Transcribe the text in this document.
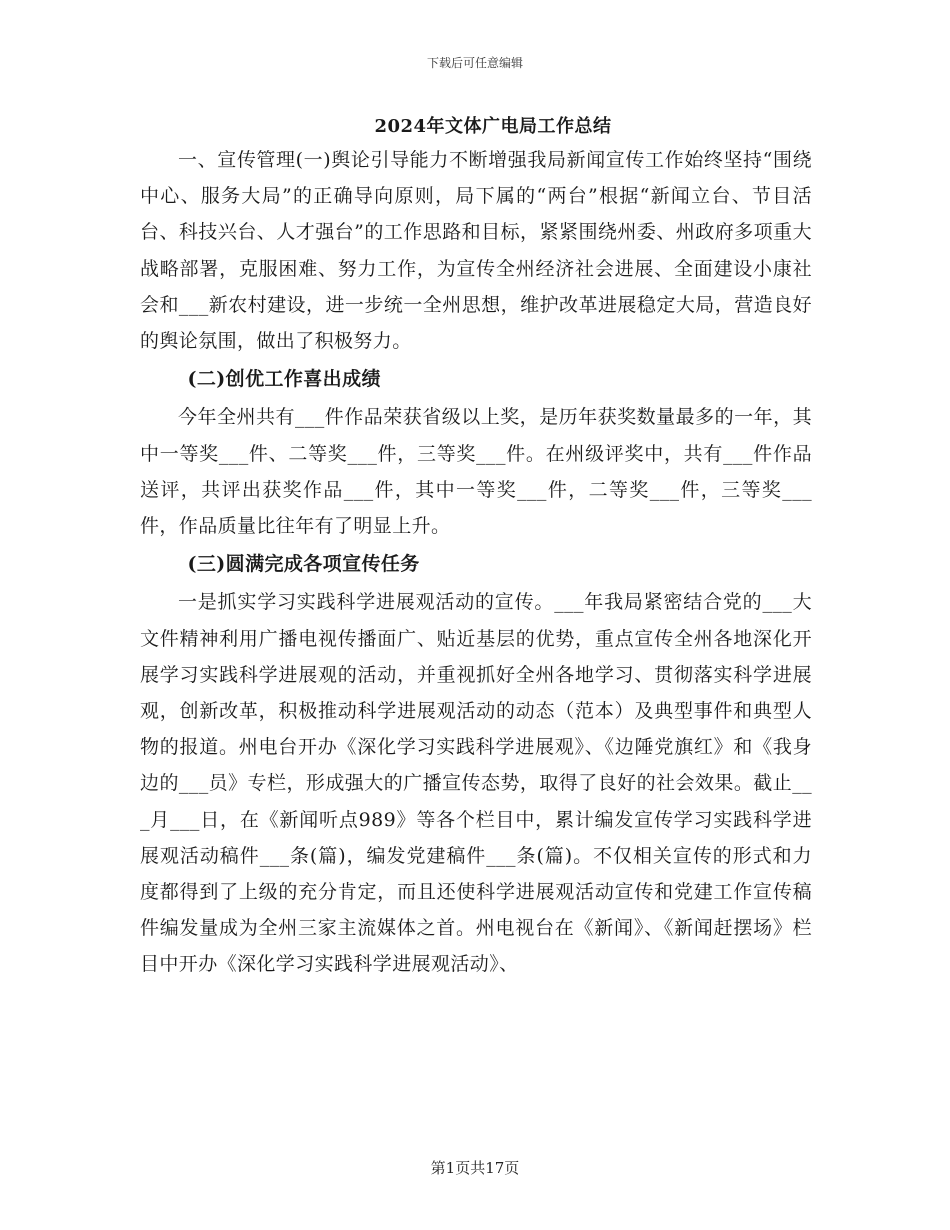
下载后可任意编辑
2024年文体广电局工作总结

一、宣传管理(一)舆论引导能力不断增强我局新闻宣传工作始终坚持“围绕中心、服务大局”的正确导向原则，局下属的“两台”根据“新闻立台、节目活台、科技兴台、人才强台”的工作思路和目标，紧紧围绕州委、州政府多项重大战略部署，克服困难、努力工作，为宣传全州经济社会进展、全面建设小康社会和___新农村建设，进一步统一全州思想，维护改革进展稳定大局，营造良好的舆论氛围，做出了积极努力。

(二)创优工作喜出成绩

今年全州共有___件作品荣获省级以上奖，是历年获奖数量最多的一年，其中一等奖___件、二等奖___件，三等奖___件。在州级评奖中，共有___件作品送评，共评出获奖作品___件，其中一等奖___件，二等奖___件，三等奖___件，作品质量比往年有了明显上升。

(三)圆满完成各项宣传任务

一是抓实学习实践科学进展观活动的宣传。___年我局紧密结合党的___大文件精神利用广播电视传播面广、贴近基层的优势，重点宣传全州各地深化开展学习实践科学进展观的活动，并重视抓好全州各地学习、贯彻落实科学进展观，创新改革，积极推动科学进展观活动的动态（范本）及典型事件和典型人物的报道。州电台开办《深化学习实践科学进展观》、《边陲党旗红》和《我身边的___员》专栏，形成强大的广播宣传态势，取得了良好的社会效果。截止___月___日，在《新闻听点989》等各个栏目中，累计编发宣传学习实践科学进展观活动稿件___条(篇)，编发党建稿件___条(篇)。不仅相关宣传的形式和力度都得到了上级的充分肯定，而且还使科学进展观活动宣传和党建工作宣传稿件编发量成为全州三家主流媒体之首。州电视台在《新闻》、《新闻赶摆场》栏目中开办《深化学习实践科学进展观活动》、

第1页共17页
